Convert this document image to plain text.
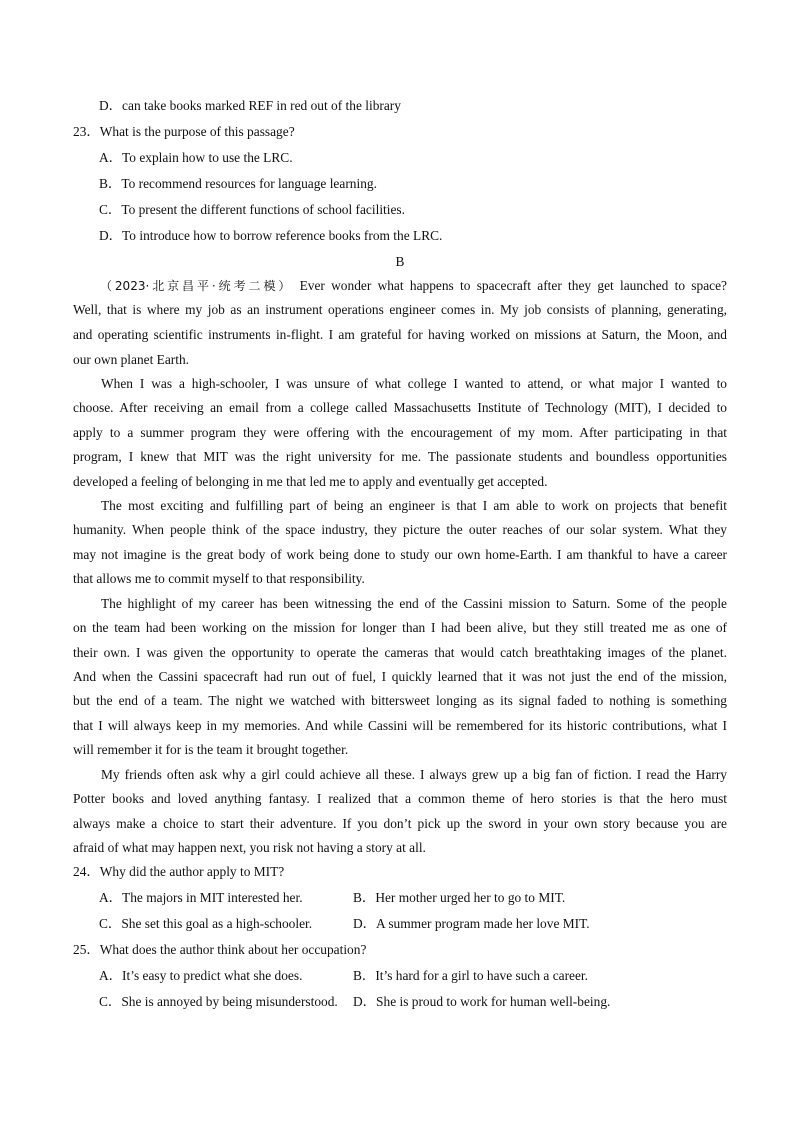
D．can take books marked REF in red out of the library
23．What is the purpose of this passage?
A．To explain how to use the LRC.
B．To recommend resources for language learning.
C．To present the different functions of school facilities.
D．To introduce how to borrow reference books from the LRC.
B
（2023·北京昌平·统考二模） Ever wonder what happens to spacecraft after they get launched to space?
Well, that is where my job as an instrument operations engineer comes in. My job consists of planning, generating,
and operating scientific instruments in-flight. I am grateful for having worked on missions at Saturn, the Moon, and
our own planet Earth.
When I was a high-schooler, I was unsure of what college I wanted to attend, or what major I wanted to
choose. After receiving an email from a college called Massachusetts Institute of Technology (MIT), I decided to
apply to a summer program they were offering with the encouragement of my mom. After participating in that
program, I knew that MIT was the right university for me. The passionate students and boundless opportunities
developed a feeling of belonging in me that led me to apply and eventually get accepted.
The most exciting and fulfilling part of being an engineer is that I am able to work on projects that benefit
humanity. When people think of the space industry, they picture the outer reaches of our solar system. What they
may not imagine is the great body of work being done to study our own home-Earth. I am thankful to have a career
that allows me to commit myself to that responsibility.
The highlight of my career has been witnessing the end of the Cassini mission to Saturn. Some of the people
on the team had been working on the mission for longer than I had been alive, but they still treated me as one of
their own. I was given the opportunity to operate the cameras that would catch breathtaking images of the planet.
And when the Cassini spacecraft had run out of fuel, I quickly learned that it was not just the end of the mission,
but the end of a team. The night we watched with bittersweet longing as its signal faded to nothing is something
that I will always keep in my memories. And while Cassini will be remembered for its historic contributions, what I
will remember it for is the team it brought together.
My friends often ask why a girl could achieve all these. I always grew up a big fan of fiction. I read the Harry
Potter books and loved anything fantasy. I realized that a common theme of hero stories is that the hero must
always make a choice to start their adventure. If you don’t pick up the sword in your own story because you are
afraid of what may happen next, you risk not having a story at all.
24．Why did the author apply to MIT?
A．The majors in MIT interested her.	B．Her mother urged her to go to MIT.
C．She set this goal as a high-schooler.	D．A summer program made her love MIT.
25．What does the author think about her occupation?
A．It’s easy to predict what she does.	B．It’s hard for a girl to have such a career.
C．She is annoyed by being misunderstood. D．She is proud to work for human well-being.
